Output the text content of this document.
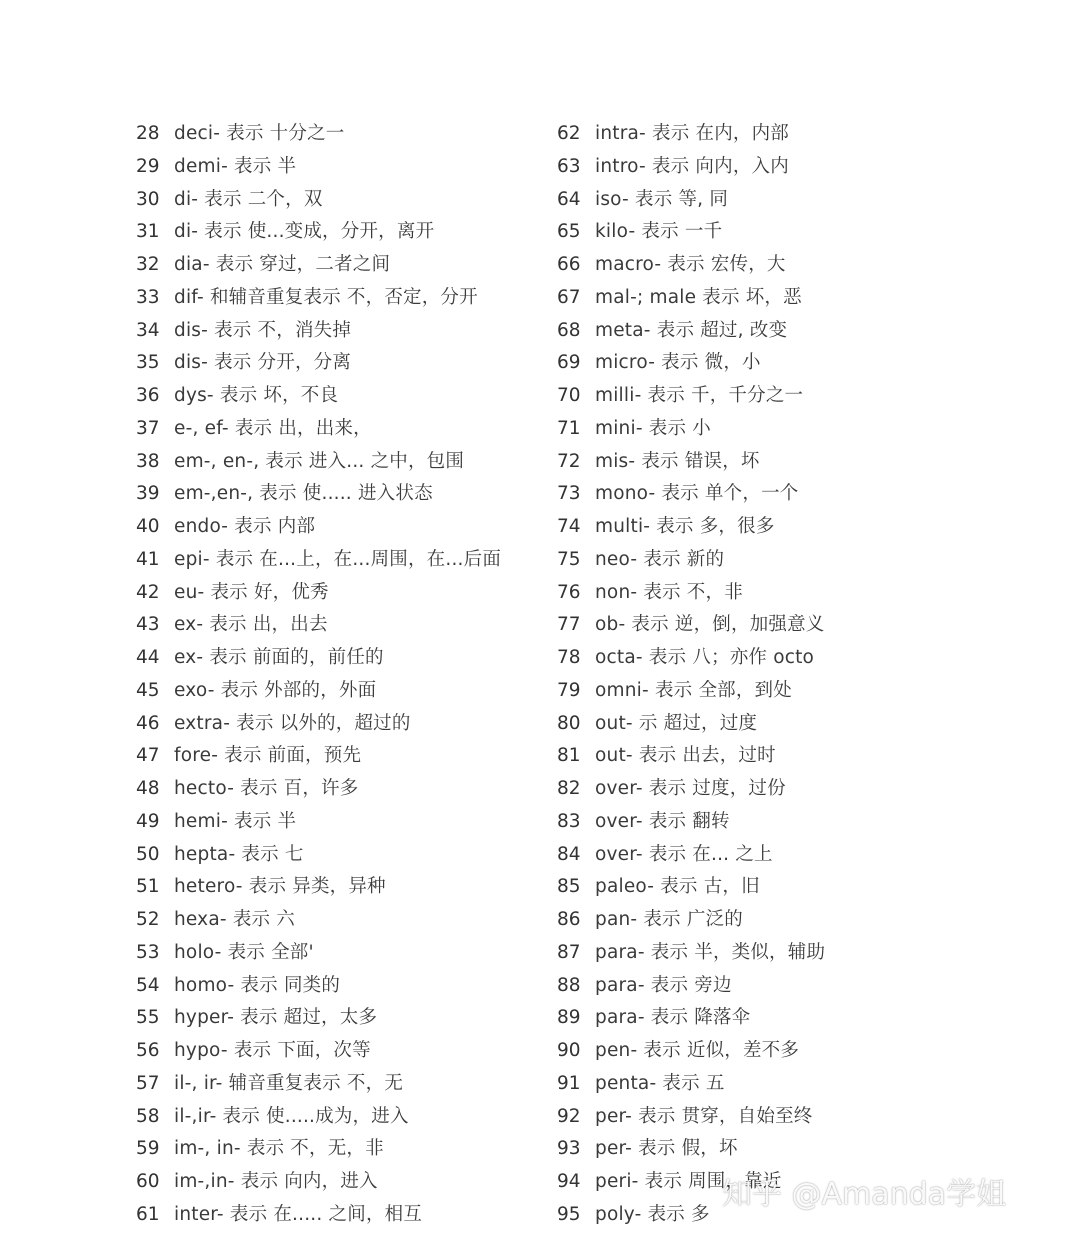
28 deci- 表示 十分之一
29 demi- 表示 半
30 di- 表示 二个，双
31 di- 表示 使...变成，分开，离开
32 dia- 表示 穿过，二者之间
33 dif- 和辅音重复表示 不，否定，分开
34 dis- 表示 不，消失掉
35 dis- 表示 分开，分离
36 dys- 表示 坏，不良
37 e-, ef- 表示 出，出来，
38 em-, en-, 表示 进入... 之中，包围
39 em-,en-, 表示 使..... 进入状态
40 endo- 表示 内部
41 epi- 表示 在...上，在...周围，在...后面
42 eu- 表示 好，优秀
43 ex- 表示 出，出去
44 ex- 表示 前面的，前任的
45 exo- 表示 外部的，外面
46 extra- 表示 以外的，超过的
47 fore- 表示 前面，预先
48 hecto- 表示 百，许多
49 hemi- 表示 半
50 hepta- 表示 七
51 hetero- 表示 异类，异种
52 hexa- 表示 六
53 holo- 表示 全部'
54 homo- 表示 同类的
55 hyper- 表示 超过，太多
56 hypo- 表示 下面，次等
57 il-, ir- 辅音重复表示 不，无
58 il-,ir- 表示 使.....成为，进入
59 im-, in- 表示 不，无，非
60 im-,in- 表示 向内，进入
61 inter- 表示 在..... 之间，相互
62 intra- 表示 在内，内部
63 intro- 表示 向内，入内
64 iso- 表示 等, 同
65 kilo- 表示 一千
66 macro- 表示 宏传，大
67 mal-; male 表示 坏，恶
68 meta- 表示 超过, 改变
69 micro- 表示 微，小
70 milli- 表示 千，千分之一
71 mini- 表示 小
72 mis- 表示 错误，坏
73 mono- 表示 单个，一个
74 multi- 表示 多，很多
75 neo- 表示 新的
76 non- 表示 不，非
77 ob- 表示 逆，倒，加强意义
78 octa- 表示 八；亦作 octo
79 omni- 表示 全部，到处
80 out- 示 超过，过度
81 out- 表示 出去，过时
82 over- 表示 过度，过份
83 over- 表示 翻转
84 over- 表示 在... 之上
85 paleo- 表示 古，旧
86 pan- 表示 广泛的
87 para- 表示 半，类似，辅助
88 para- 表示 旁边
89 para- 表示 降落伞
90 pen- 表示 近似，差不多
91 penta- 表示 五
92 per- 表示 贯穿，自始至终
93 per- 表示 假，坏
94 peri- 表示 周围，靠近
95 poly- 表示 多
知乎 @Amanda学姐
